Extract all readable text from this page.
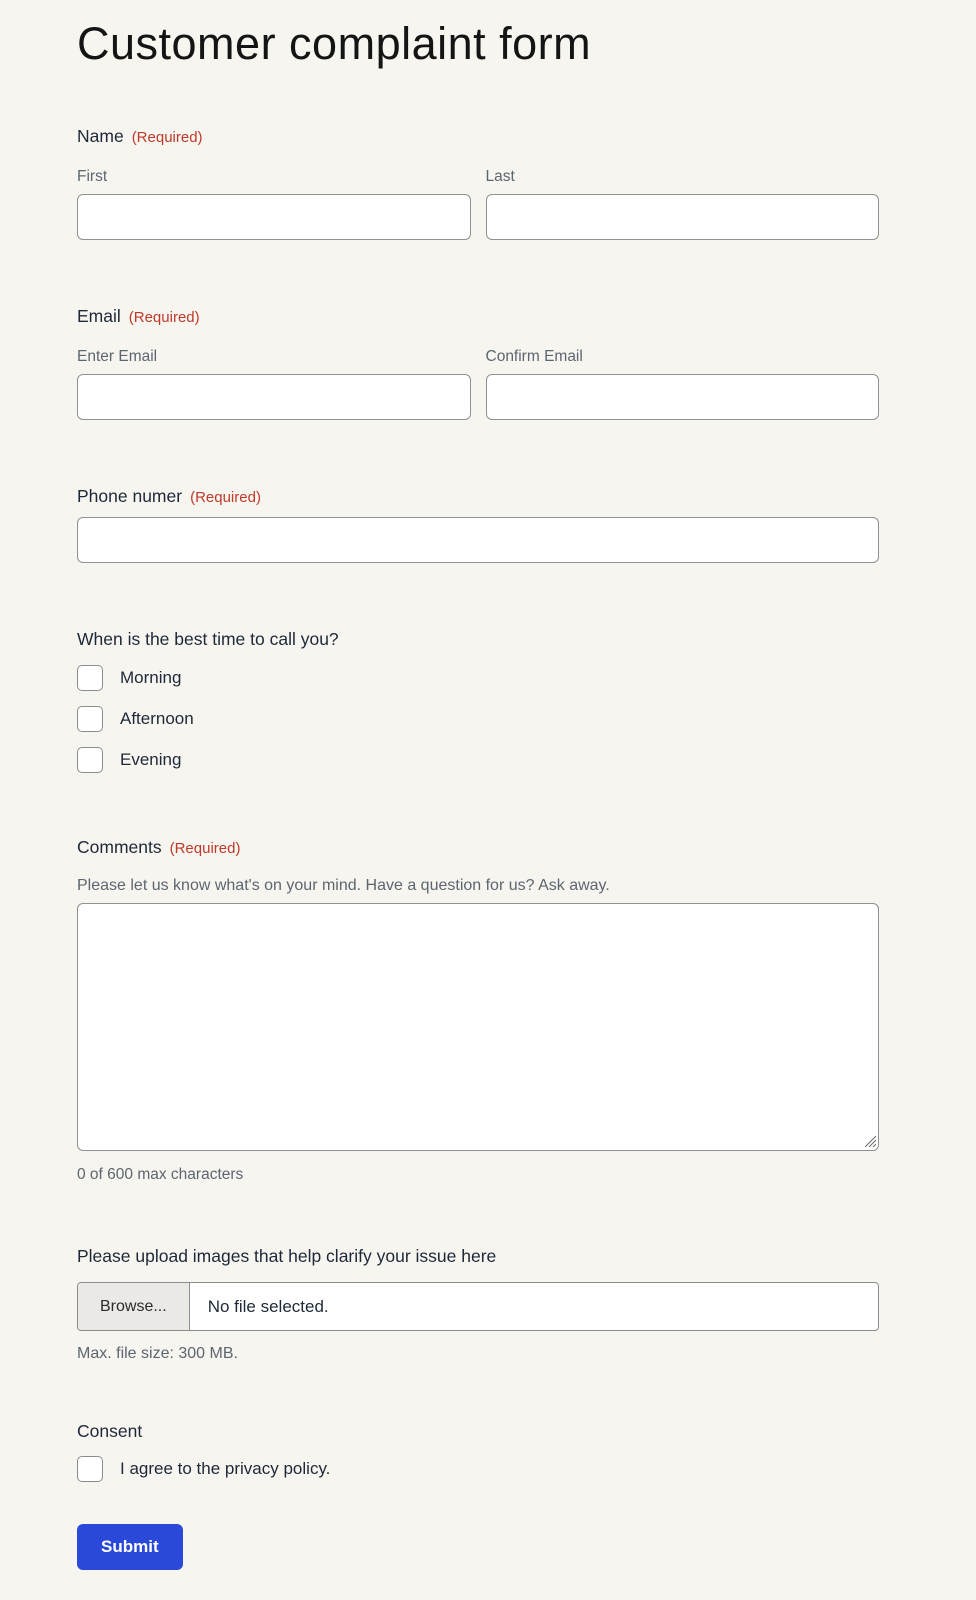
Customer complaint form
Name (Required)
First	Last
Email (Required)
Enter Email	Confirm Email
Phone numer (Required)
When is the best time to call you?
Morning
Afternoon
Evening
Comments (Required)
Please let us know what's on your mind. Have a question for us? Ask away.
0 of 600 max characters
Please upload images that help clarify your issue here
Browse...	No file selected.
Max. file size: 300 MB.
Consent
I agree to the privacy policy.
Submit
